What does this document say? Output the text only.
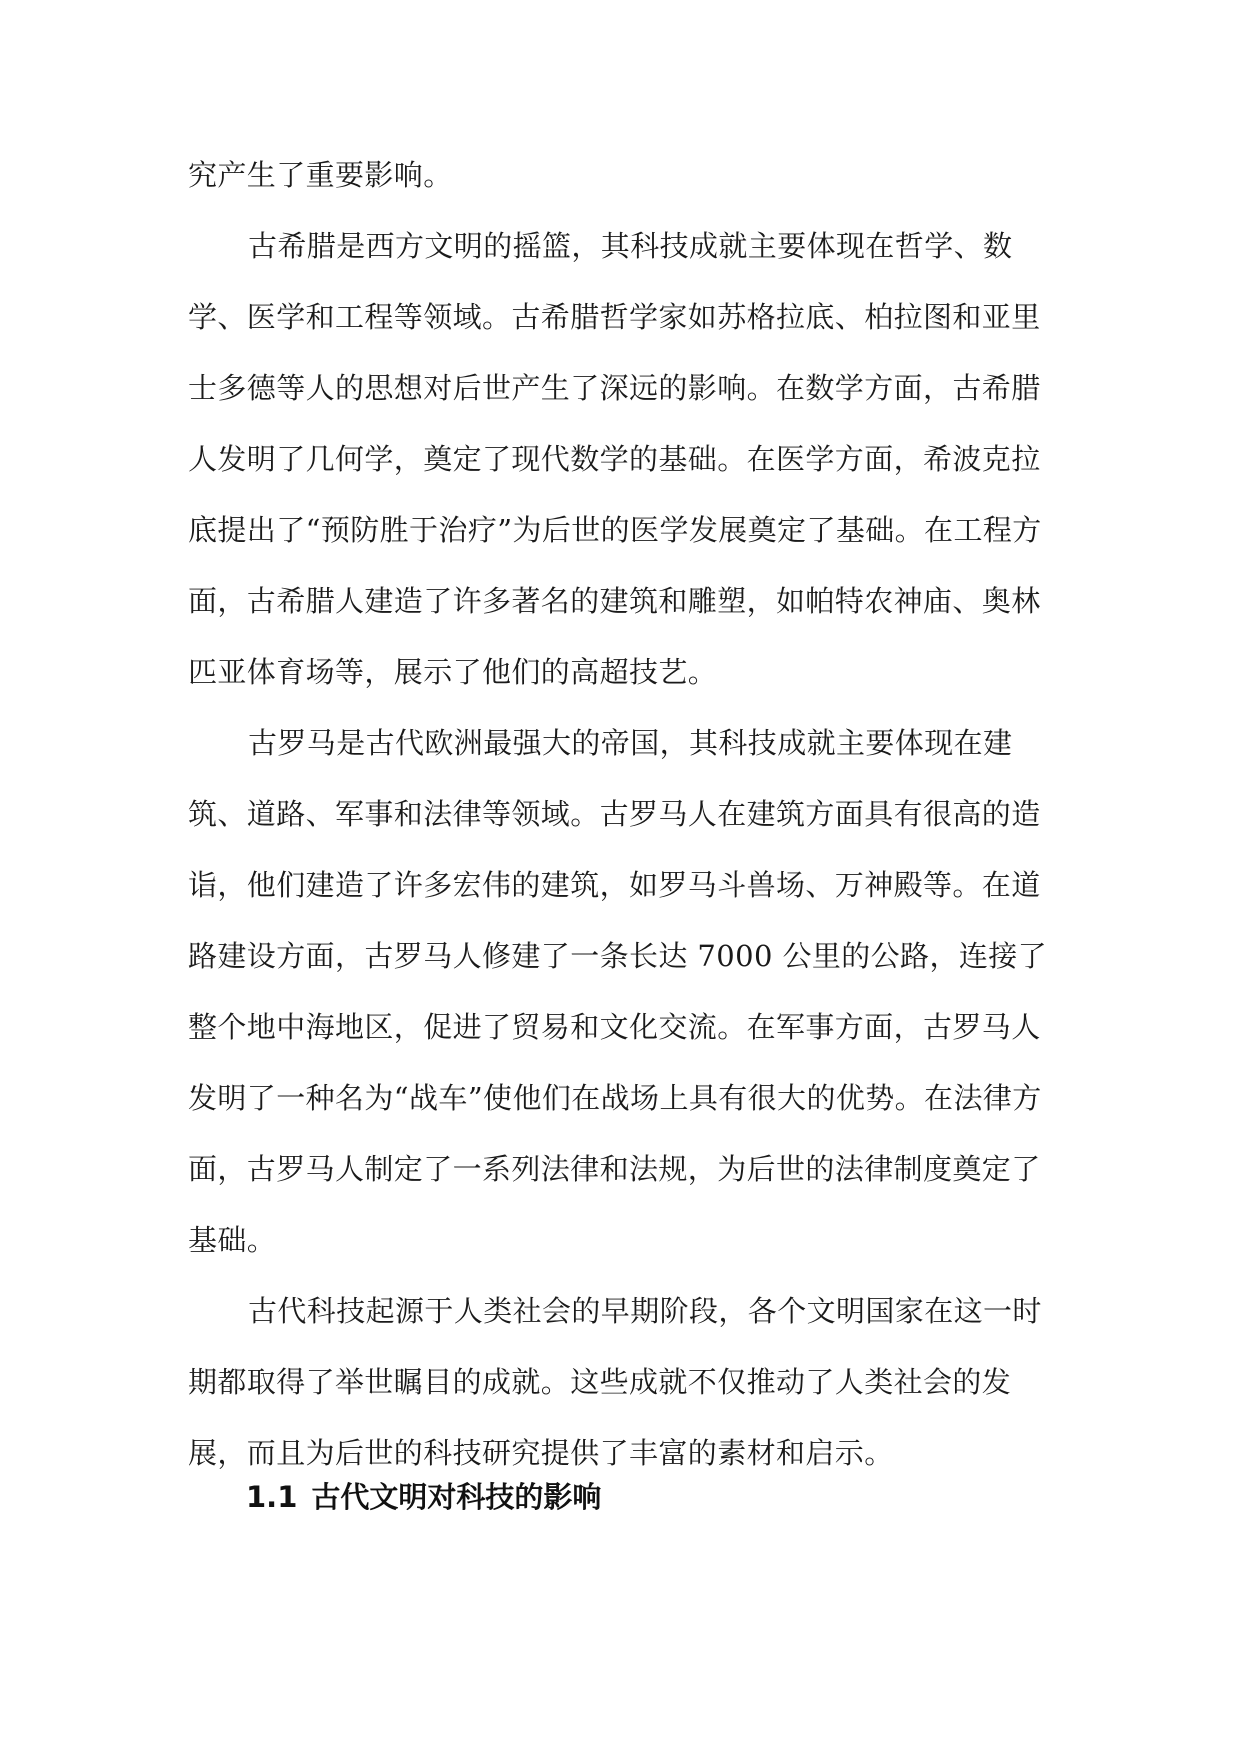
究产生了重要影响。

古希腊是西方文明的摇篮，其科技成就主要体现在哲学、数学、医学和工程等领域。古希腊哲学家如苏格拉底、柏拉图和亚里士多德等人的思想对后世产生了深远的影响。在数学方面，古希腊人发明了几何学，奠定了现代数学的基础。在医学方面，希波克拉底提出了“预防胜于治疗”为后世的医学发展奠定了基础。在工程方面，古希腊人建造了许多著名的建筑和雕塑，如帕特农神庙、奥林匹亚体育场等，展示了他们的高超技艺。

古罗马是古代欧洲最强大的帝国，其科技成就主要体现在建筑、道路、军事和法律等领域。古罗马人在建筑方面具有很高的造诣，他们建造了许多宏伟的建筑，如罗马斗兽场、万神殿等。在道路建设方面，古罗马人修建了一条长达 7000 公里的公路，连接了整个地中海地区，促进了贸易和文化交流。在军事方面，古罗马人发明了一种名为“战车”使他们在战场上具有很大的优势。在法律方面，古罗马人制定了一系列法律和法规，为后世的法律制度奠定了基础。

古代科技起源于人类社会的早期阶段，各个文明国家在这一时期都取得了举世瞩目的成就。这些成就不仅推动了人类社会的发展，而且为后世的科技研究提供了丰富的素材和启示。

1.1 古代文明对科技的影响
